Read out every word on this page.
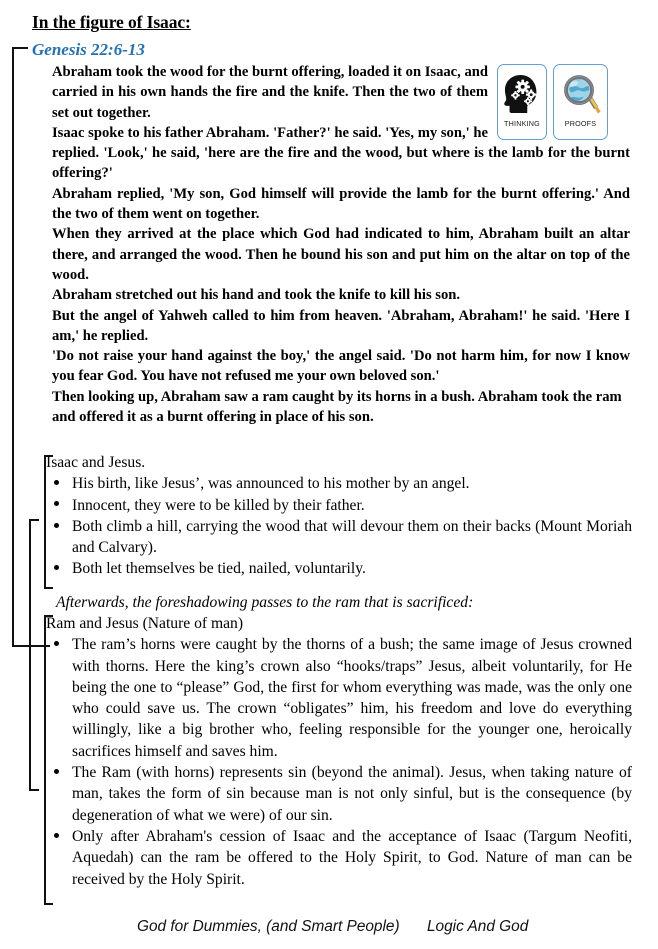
In the figure of Isaac:
Genesis 22:6-13

Abraham took the wood for the burnt offering, loaded it on Isaac, and carried in his own hands the fire and the knife. Then the two of them set out together.

Isaac spoke to his father Abraham. 'Father?' he said. 'Yes, my son,' he replied. 'Look,' he said, 'here are the fire and the wood, but where is the lamb for the burnt offering?'

Abraham replied, 'My son, God himself will provide the lamb for the burnt offering.' And the two of them went on together.

When they arrived at the place which God had indicated to him, Abraham built an altar there, and arranged the wood. Then he bound his son and put him on the altar on top of the wood.

Abraham stretched out his hand and took the knife to kill his son.

But the angel of Yahweh called to him from heaven. 'Abraham, Abraham!' he said. 'Here I am,' he replied.

'Do not raise your hand against the boy,' the angel said. 'Do not harm him, for now I know you fear God. You have not refused me your own beloved son.'

Then looking up, Abraham saw a ram caught by its horns in a bush. Abraham took the ram and offered it as a burnt offering in place of his son.

THINKING	PROOFS

Isaac and Jesus.

His birth, like Jesus’, was announced to his mother by an angel.

Innocent, they were to be killed by their father.

Both climb a hill, carrying the wood that will devour them on their backs (Mount Moriah and Calvary).

Both let themselves be tied, nailed, voluntarily.

Afterwards, the foreshadowing passes to the ram that is sacrificed:

Ram and Jesus (Nature of man)

The ram’s horns were caught by the thorns of a bush; the same image of Jesus crowned with thorns. Here the king’s crown also “hooks/traps” Jesus, albeit voluntarily, for He being the one to “please” God, the first for whom everything was made, was the only one who could save us. The crown “obligates” him, his freedom and love do everything willingly, like a big brother who, feeling responsible for the younger one, heroically sacrifices himself and saves him.

The Ram (with horns) represents sin (beyond the animal). Jesus, when taking nature of man, takes the form of sin because man is not only sinful, but is the consequence (by degeneration of what we were) of our sin.

Only after Abraham's cession of Isaac and the acceptance of Isaac (Targum Neofiti, Aquedah) can the ram be offered to the Holy Spirit, to God. Nature of man can be received by the Holy Spirit.

God for Dummies, (and Smart People) Logic And God
